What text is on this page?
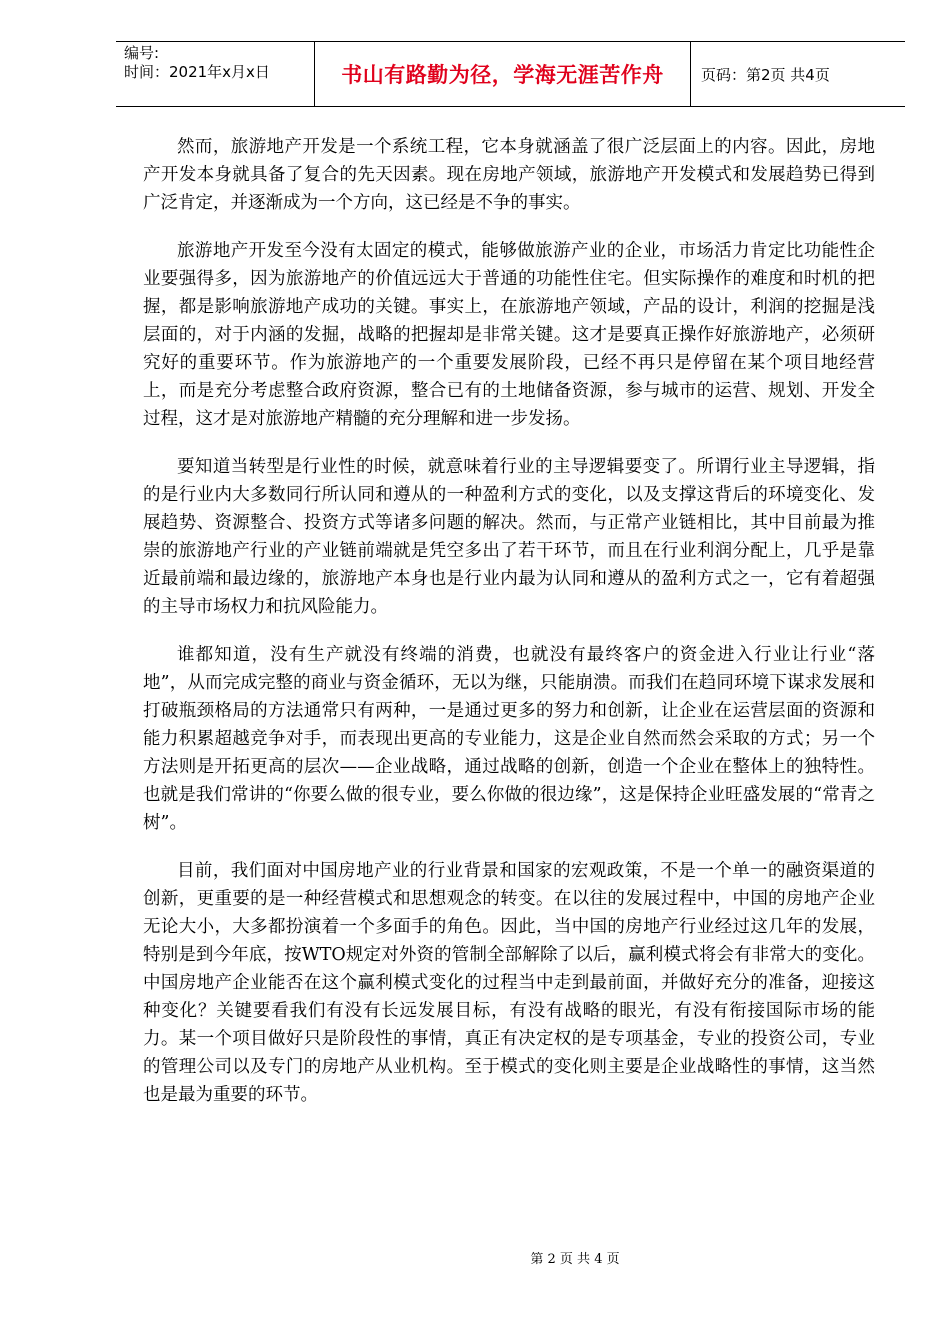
编号:
时间：2021年x月x日	书山有路勤为径，学海无涯苦作舟	页码：第2页 共4页

然而，旅游地产开发是一个系统工程，它本身就涵盖了很广泛层面上的内容。因此，房地产开发本身就具备了复合的先天因素。现在房地产领域，旅游地产开发模式和发展趋势已得到广泛肯定，并逐渐成为一个方向，这已经是不争的事实。

旅游地产开发至今没有太固定的模式，能够做旅游产业的企业，市场活力肯定比功能性企业要强得多，因为旅游地产的价值远远大于普通的功能性住宅。但实际操作的难度和时机的把握，都是影响旅游地产成功的关键。事实上，在旅游地产领域，产品的设计，利润的挖掘是浅层面的，对于内涵的发掘，战略的把握却是非常关键。这才是要真正操作好旅游地产，必须研究好的重要环节。作为旅游地产的一个重要发展阶段，已经不再只是停留在某个项目地经营上，而是充分考虑整合政府资源，整合已有的土地储备资源，参与城市的运营、规划、开发全过程，这才是对旅游地产精髓的充分理解和进一步发扬。

要知道当转型是行业性的时候，就意味着行业的主导逻辑要变了。所谓行业主导逻辑，指的是行业内大多数同行所认同和遵从的一种盈利方式的变化，以及支撑这背后的环境变化、发展趋势、资源整合、投资方式等诸多问题的解决。然而，与正常产业链相比，其中目前最为推崇的旅游地产行业的产业链前端就是凭空多出了若干环节，而且在行业利润分配上，几乎是靠近最前端和最边缘的，旅游地产本身也是行业内最为认同和遵从的盈利方式之一，它有着超强的主导市场权力和抗风险能力。

谁都知道，没有生产就没有终端的消费，也就没有最终客户的资金进入行业让行业“落地”，从而完成完整的商业与资金循环，无以为继，只能崩溃。而我们在趋同环境下谋求发展和打破瓶颈格局的方法通常只有两种，一是通过更多的努力和创新，让企业在运营层面的资源和能力积累超越竞争对手，而表现出更高的专业能力，这是企业自然而然会采取的方式；另一个方法则是开拓更高的层次——企业战略，通过战略的创新，创造一个企业在整体上的独特性。也就是我们常讲的“你要么做的很专业，要么你做的很边缘”，这是保持企业旺盛发展的“常青之树”。

目前，我们面对中国房地产业的行业背景和国家的宏观政策，不是一个单一的融资渠道的创新，更重要的是一种经营模式和思想观念的转变。在以往的发展过程中，中国的房地产企业无论大小，大多都扮演着一个多面手的角色。因此，当中国的房地产行业经过这几年的发展，特别是到今年底，按WTO规定对外资的管制全部解除了以后，赢利模式将会有非常大的变化。中国房地产企业能否在这个赢利模式变化的过程当中走到最前面，并做好充分的准备，迎接这种变化？关键要看我们有没有长远发展目标，有没有战略的眼光，有没有衔接国际市场的能力。某一个项目做好只是阶段性的事情，真正有决定权的是专项基金，专业的投资公司，专业的管理公司以及专门的房地产从业机构。至于模式的变化则主要是企业战略性的事情，这当然也是最为重要的环节。

第 2 页 共 4 页
